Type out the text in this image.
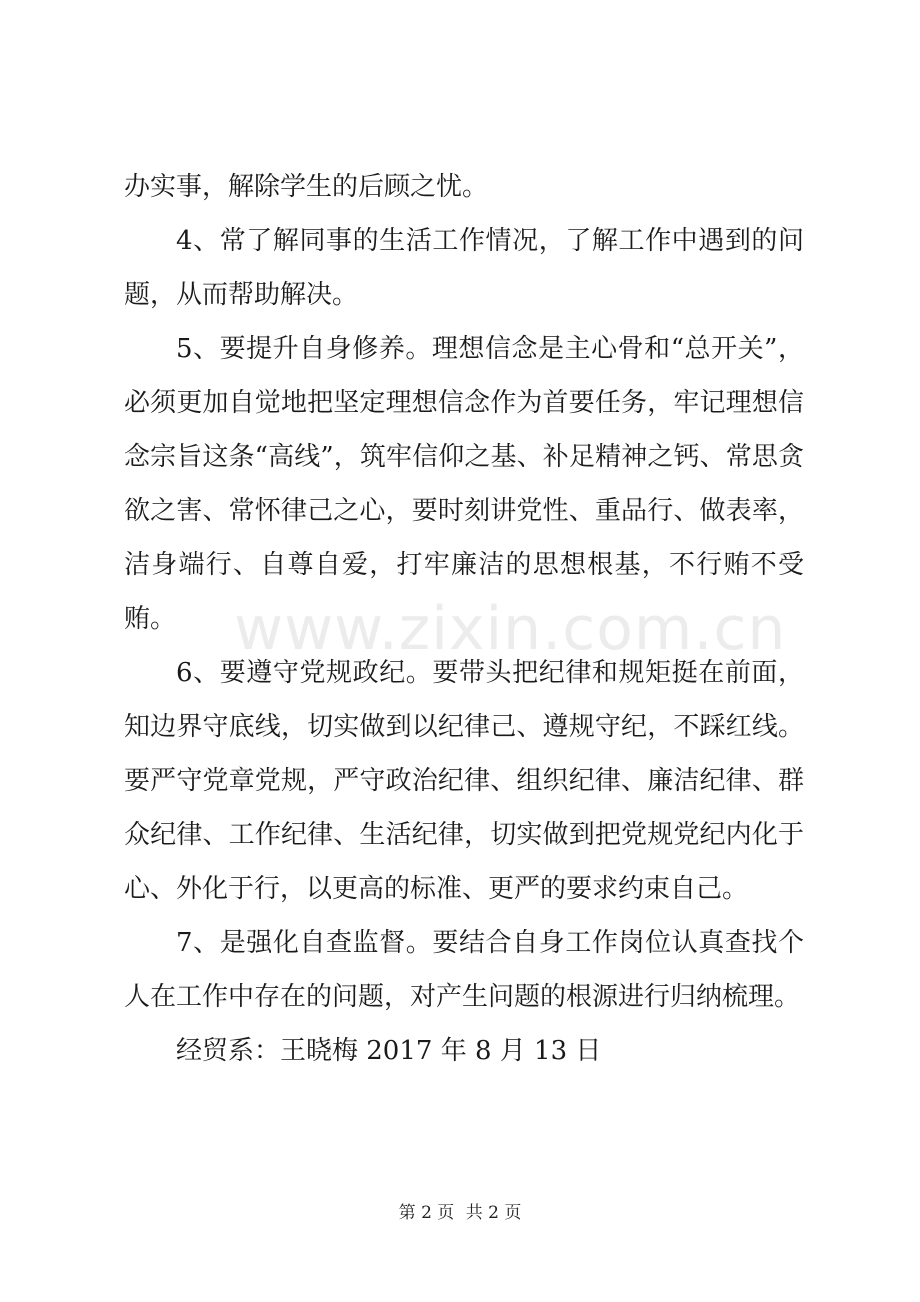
www.zixin.com.cn

办实事，解除学生的后顾之忧。

4、常了解同事的生活工作情况，了解工作中遇到的问题，从而帮助解决。

5、要提升自身修养。理想信念是主心骨和“总开关”，必须更加自觉地把坚定理想信念作为首要任务，牢记理想信念宗旨这条“高线”，筑牢信仰之基、补足精神之钙、常思贪欲之害、常怀律己之心，要时刻讲党性、重品行、做表率，洁身端行、自尊自爱，打牢廉洁的思想根基，不行贿不受贿。

6、要遵守党规政纪。要带头把纪律和规矩挺在前面，知边界守底线，切实做到以纪律己、遵规守纪，不踩红线。要严守党章党规，严守政治纪律、组织纪律、廉洁纪律、群众纪律、工作纪律、生活纪律，切实做到把党规党纪内化于心、外化于行，以更高的标准、更严的要求约束自己。

7、是强化自查监督。要结合自身工作岗位认真查找个人在工作中存在的问题，对产生问题的根源进行归纳梳理。

经贸系：王晓梅 2017 年 8 月 13 日

第 2 页 共 2 页
